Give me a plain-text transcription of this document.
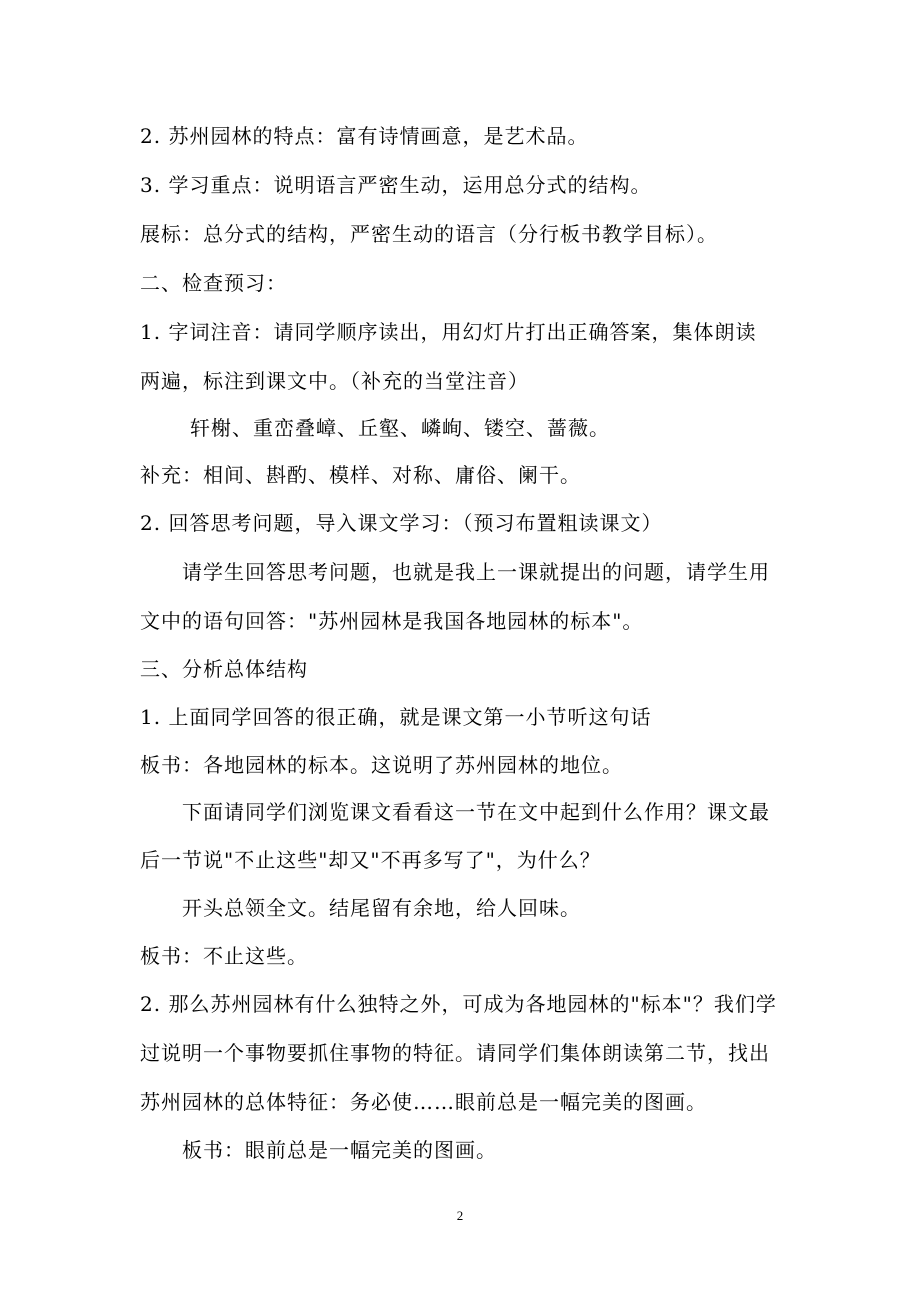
2. 苏州园林的特点：富有诗情画意，是艺术品。
3. 学习重点：说明语言严密生动，运用总分式的结构。
展标：总分式的结构，严密生动的语言（分行板书教学目标）。
二、检查预习：
1. 字词注音：请同学顺序读出，用幻灯片打出正确答案，集体朗读
两遍，标注到课文中。（补充的当堂注音）
轩榭、重峦叠嶂、丘壑、嶙峋、镂空、蔷薇。
补充：相间、斟酌、模样、对称、庸俗、阑干。
2. 回答思考问题，导入课文学习：（预习布置粗读课文）
请学生回答思考问题，也就是我上一课就提出的问题，请学生用
文中的语句回答："苏州园林是我国各地园林的标本"。
三、分析总体结构
1. 上面同学回答的很正确，就是课文第一小节听这句话
板书：各地园林的标本。这说明了苏州园林的地位。
下面请同学们浏览课文看看这一节在文中起到什么作用？课文最
后一节说"不止这些"却又"不再多写了"，为什么？
开头总领全文。结尾留有余地，给人回味。
板书：不止这些。
2. 那么苏州园林有什么独特之外，可成为各地园林的"标本"？我们学
过说明一个事物要抓住事物的特征。请同学们集体朗读第二节，找出
苏州园林的总体特征：务必使……眼前总是一幅完美的图画。
板书：眼前总是一幅完美的图画。
2
